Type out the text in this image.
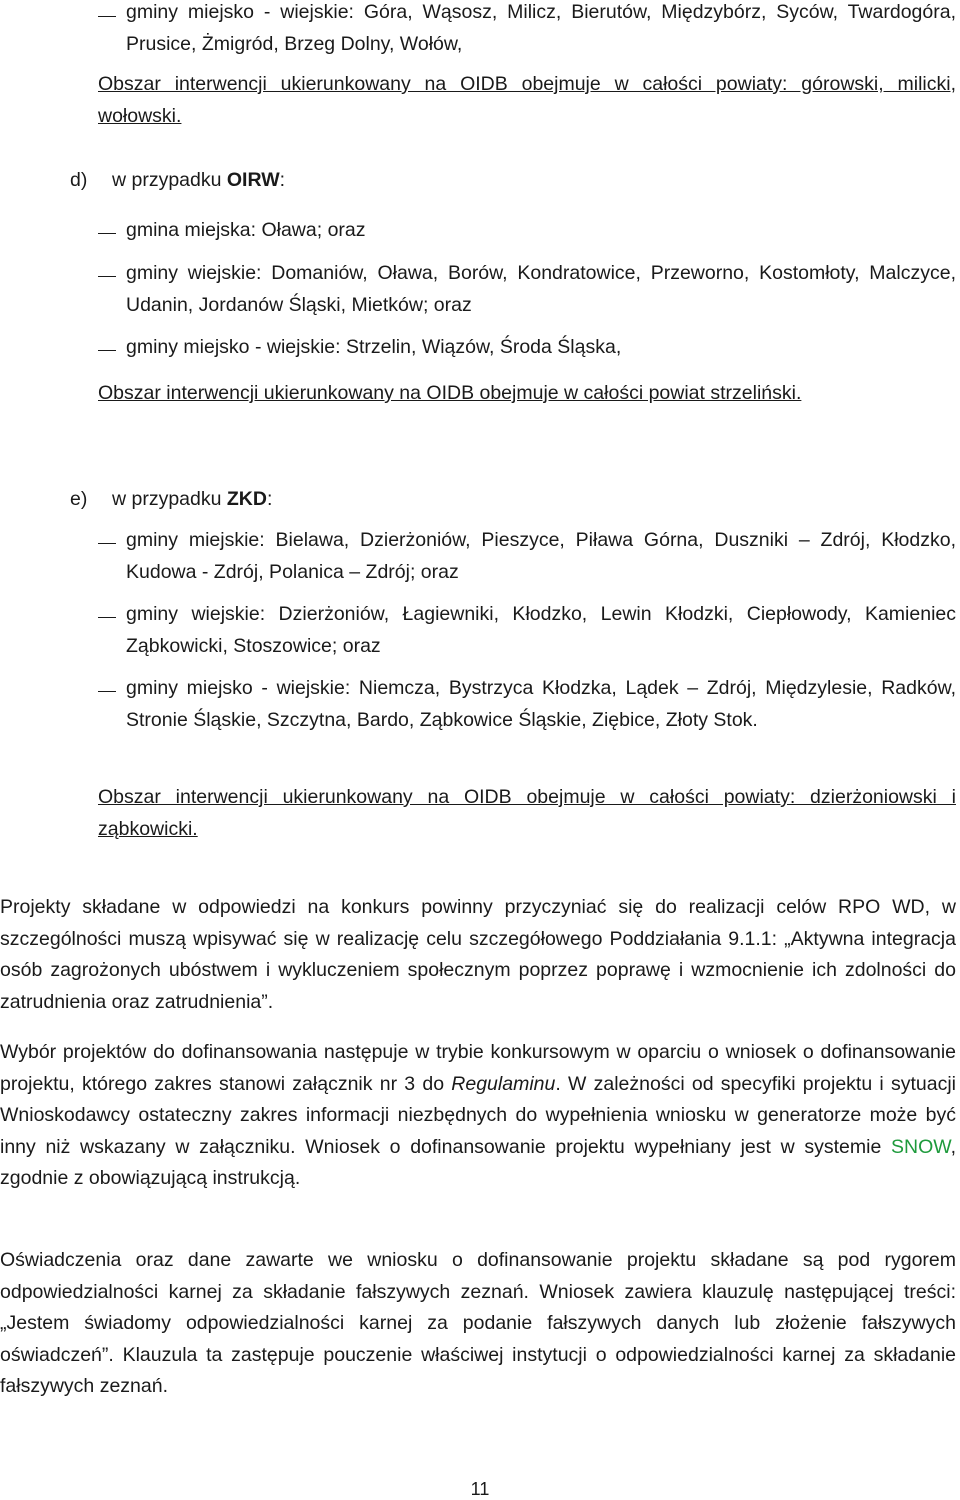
gminy miejsko - wiejskie: Góra, Wąsosz, Milicz, Bierutów, Międzybórz, Syców, Twardogóra, Prusice, Żmigród, Brzeg Dolny, Wołów,
Obszar interwencji ukierunkowany na OIDB obejmuje w całości powiaty: górowski, milicki, wołowski.
d) w przypadku OIRW:
gmina miejska: Oława; oraz
gminy wiejskie: Domaniów, Oława, Borów, Kondratowice, Przeworno, Kostomłoty, Malczyce, Udanin, Jordanów Śląski, Mietków; oraz
gminy miejsko - wiejskie: Strzelin, Wiązów, Środa Śląska,
Obszar interwencji ukierunkowany na OIDB obejmuje w całości powiat strzeliński.
e) w przypadku ZKD:
gminy miejskie: Bielawa, Dzierżoniów, Pieszyce, Piława Górna, Duszniki – Zdrój, Kłodzko, Kudowa - Zdrój, Polanica – Zdrój; oraz
gminy wiejskie: Dzierżoniów, Łagiewniki, Kłodzko, Lewin Kłodzki, Ciepłowody, Kamieniec Ząbkowicki, Stoszowice; oraz
gminy miejsko - wiejskie: Niemcza, Bystrzyca Kłodzka, Lądek – Zdrój, Międzylesie, Radków, Stronie Śląskie, Szczytna, Bardo, Ząbkowice Śląskie, Ziębice, Złoty Stok.
Obszar interwencji ukierunkowany na OIDB obejmuje w całości powiaty: dzierżoniowski i ząbkowicki.
Projekty składane w odpowiedzi na konkurs powinny przyczyniać się do realizacji celów RPO WD, w szczególności muszą wpisywać się w realizację celu szczegółowego Poddziałania 9.1.1: „Aktywna integracja osób zagrożonych ubóstwem i wykluczeniem społecznym poprzez poprawę i wzmocnienie ich zdolności do zatrudnienia oraz zatrudnienia”.
Wybór projektów do dofinansowania następuje w trybie konkursowym w oparciu o wniosek o dofinansowanie projektu, którego zakres stanowi załącznik nr 3 do Regulaminu. W zależności od specyfiki projektu i sytuacji Wnioskodawcy ostateczny zakres informacji niezbędnych do wypełnienia wniosku w generatorze może być inny niż wskazany w załączniku. Wniosek o dofinansowanie projektu wypełniany jest w systemie SNOW, zgodnie z obowiązującą instrukcją.
Oświadczenia oraz dane zawarte we wniosku o dofinansowanie projektu składane są pod rygorem odpowiedzialności karnej za składanie fałszywych zeznań. Wniosek zawiera klauzulę następującej treści: „Jestem świadomy odpowiedzialności karnej za podanie fałszywych danych lub złożenie fałszywych oświadczeń”. Klauzula ta zastępuje pouczenie właściwej instytucji o odpowiedzialności karnej za składanie fałszywych zeznań.
11
